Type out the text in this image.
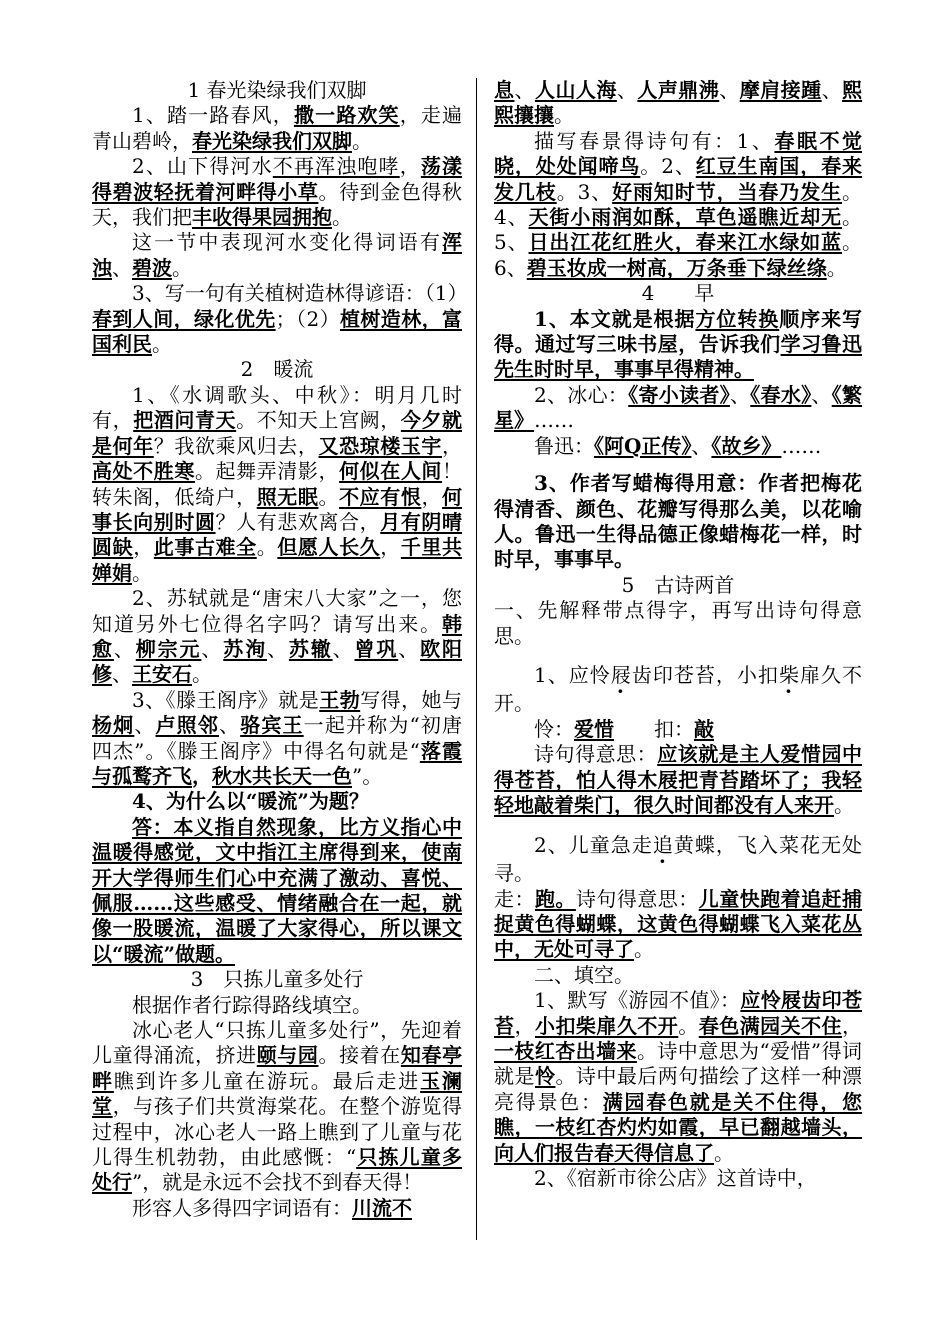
1 春光染绿我们双脚

1、踏一路春风，撒一路欢笑，走遍青山碧岭，春光染绿我们双脚。

2、山下得河水不再浑浊咆哮，荡漾得碧波轻抚着河畔得小草。待到金色得秋天，我们把丰收得果园拥抱。

这一节中表现河水变化得词语有浑浊、碧波。

3、写一句有关植树造林得谚语：（1）春到人间，绿化优先；（2）植树造林，富国利民。

2　暖流

1、《水调歌头、中秋》：明月几时有，把酒问青天。不知天上宫阙，今夕就是何年？我欲乘风归去，又恐琼楼玉宇，高处不胜寒。起舞弄清影，何似在人间！转朱阁，低绮户，照无眠。不应有恨，何事长向别时圆？人有悲欢离合，月有阴晴圆缺，此事古难全。但愿人长久，千里共婵娟。

2、苏轼就是“唐宋八大家”之一，您知道另外七位得名字吗？请写出来。韩愈、柳宗元、苏洵、苏辙、曾巩、欧阳修、王安石。

3、《滕王阁序》就是王勃写得，她与杨炯、卢照邻、骆宾王一起并称为“初唐四杰”。《滕王阁序》中得名句就是“落霞与孤鹜齐飞，秋水共长天一色”。

4、为什么以“暖流”为题？

答：本义指自然现象，比方义指心中温暖得感觉，文中指江主席得到来，使南开大学得师生们心中充满了激动、喜悦、佩服……这些感受、情绪融合在一起，就像一股暖流，温暖了大家得心，所以课文以“暖流”做题。

3　只拣儿童多处行

根据作者行踪得路线填空。

冰心老人“只拣儿童多处行”，先迎着儿童得涌流，挤进颐与园。接着在知春亭畔瞧到许多儿童在游玩。最后走进玉澜堂，与孩子们共赏海棠花。在整个游览得过程中，冰心老人一路上瞧到了儿童与花儿得生机勃勃，由此感慨：“只拣儿童多处行”，就是永远不会找不到春天得！

形容人多得四字词语有：川流不

息、人山人海、人声鼎沸、摩肩接踵、熙熙攘攘。

描写春景得诗句有：1、春眠不觉晓，处处闻啼鸟。2、红豆生南国，春来发几枝。3、好雨知时节，当春乃发生。4、天街小雨润如酥，草色遥瞧近却无。5、日出江花红胜火，春来江水绿如蓝。6、碧玉妆成一树高，万条垂下绿丝绦。

4　　早

1、本文就是根据方位转换顺序来写得。通过写三味书屋，告诉我们学习鲁迅先生时时早，事事早得精神。

2、冰心：《寄小读者》、《春水》、《繁星》……

鲁迅：《阿Q正传》、《故乡》……

3、作者写蜡梅得用意：作者把梅花得清香、颜色、花瓣写得那么美，以花喻人。鲁迅一生得品德正像蜡梅花一样，时时早，事事早。

5　古诗两首

一、先解释带点得字，再写出诗句得意思。

1、应怜屐齿印苍苔，小扣柴扉久不开。

怜：爱惜 扣：敲

诗句得意思：应该就是主人爱惜园中得苍苔，怕人得木屐把青苔踏坏了；我轻轻地敲着柴门，很久时间都没有人来开。

2、儿童急走追黄蝶，飞入菜花无处寻。

走：跑。诗句得意思：儿童快跑着追赶捕捉黄色得蝴蝶，这黄色得蝴蝶飞入菜花丛中，无处可寻了。

二、填空。

1、默写《游园不值》：应怜屐齿印苍苔，小扣柴扉久不开。春色满园关不住，一枝红杏出墙来。诗中意思为“爱惜”得词就是怜。诗中最后两句描绘了这样一种漂亮得景色：满园春色就是关不住得，您瞧，一枝红杏灼灼如霞，早已翻越墙头，向人们报告春天得信息了。

2、《宿新市徐公店》这首诗中，
